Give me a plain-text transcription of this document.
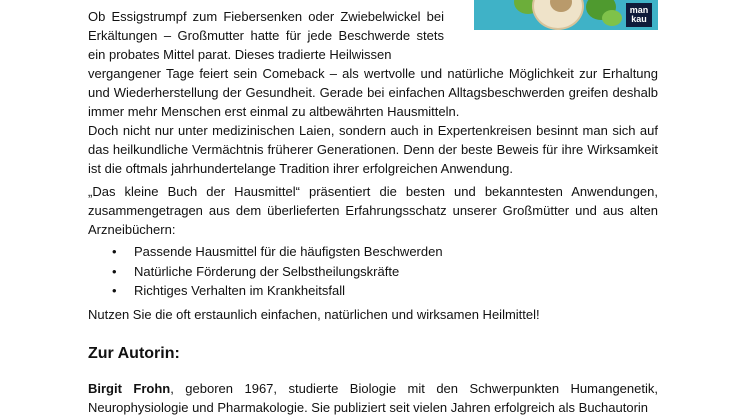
man
kau

Ob Essigstrumpf zum Fiebersenken oder Zwiebelwickel bei Erkältungen – Großmutter hatte für jede Beschwerde stets ein probates Mittel parat. Dieses tradierte Heilwissen
vergangener Tage feiert sein Comeback – als wertvolle und natürliche Möglichkeit zur Erhaltung und Wiederherstellung der Gesundheit. Gerade bei einfachen Alltagsbeschwerden greifen deshalb immer mehr Menschen erst einmal zu altbewährten Hausmitteln.

Doch nicht nur unter medizinischen Laien, sondern auch in Expertenkreisen besinnt man sich auf das heilkundliche Vermächtnis früherer Generationen. Denn der beste Beweis für ihre Wirksamkeit ist die oftmals jahrhundertelange Tradition ihrer erfolgreichen Anwendung.

„Das kleine Buch der Hausmittel“ präsentiert die besten und bekanntesten Anwendungen, zusammengetragen aus dem überlieferten Erfahrungsschatz unserer Großmütter und aus alten Arzneibüchern:

• Passende Hausmittel für die häufigsten Beschwerden
• Natürliche Förderung der Selbstheilungskräfte
• Richtiges Verhalten im Krankheitsfall

Nutzen Sie die oft erstaunlich einfachen, natürlichen und wirksamen Heilmittel!

Zur Autorin:

Birgit Frohn, geboren 1967, studierte Biologie mit den Schwerpunkten Humangenetik, Neurophysiologie und Pharmakologie. Sie publiziert seit vielen Jahren erfolgreich als Buchautorin
